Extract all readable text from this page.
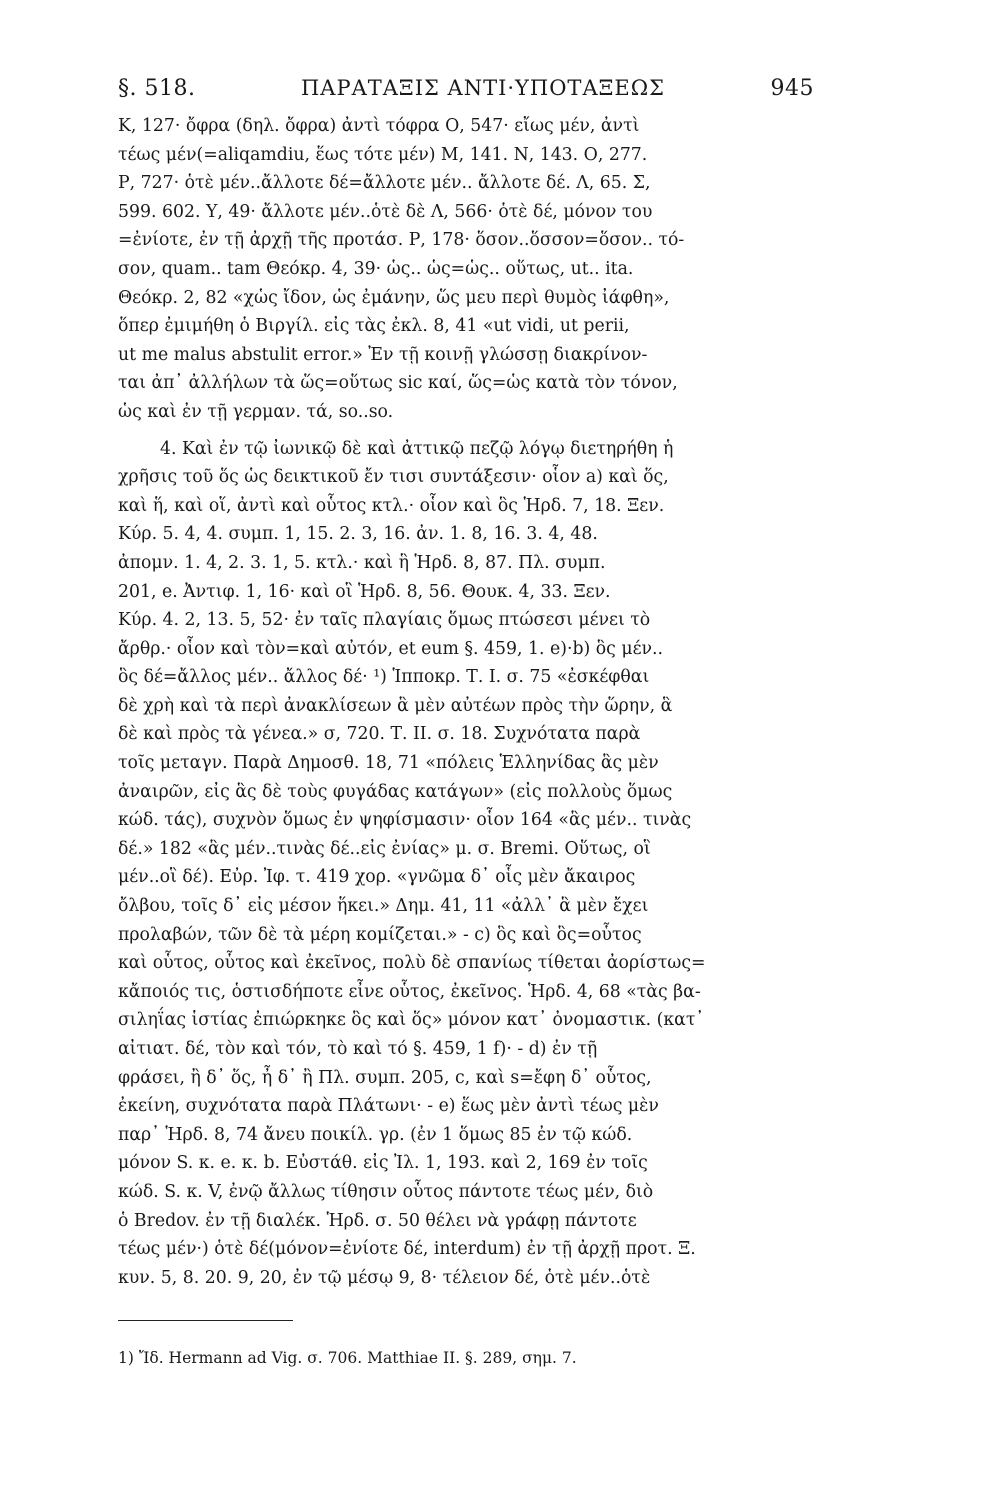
§. 518.	ΠΑΡΑΤΑΞΙΣ ΑΝΤΙ·ΥΠΟΤΑΞΕΩΣ	945
Κ, 127· ὄφρα (δηλ. ὄφρα) ἀντὶ τόφρα Ο, 547· εἴως μέν, ἀντὶ
τέως μέν(=aliqamdiu, ἕως τότε μέν) Μ, 141. Ν, 143. Ο, 277.
Ρ, 727· ὁτὲ μέν..ἄλλοτε δέ=ἄλλοτε μέν.. ἄλλοτε δέ. Λ, 65. Σ,
599. 602. Υ, 49· ἄλλοτε μέν..ὁτὲ δὲ Λ, 566· ὁτὲ δέ, μόνον του
=ἐνίοτε, ἐν τῇ ἀρχῇ τῆς προτάσ. Ρ, 178· ὅσον..ὅσσον=ὅσον.. τό-
σον, quam.. tam Θεόκρ. 4, 39· ὡς.. ὡς=ὡς.. οὕτως, ut.. ita.
Θεόκρ. 2, 82 «χὡς ἴδον, ὡς ἐμάνην, ὥς μευ περὶ θυμὸς ἰάφθη»,
ὅπερ ἐμιμήθη ὁ Βιργίλ. εἰς τὰς ἐκλ. 8, 41 «ut vidi, ut perii,
ut me malus abstulit error.» Ἐν τῇ κοινῇ γλώσσῃ διακρίνον-
ται ἀπ᾽ ἀλλήλων τὰ ὥς=οὕτως sic καί, ὥς=ὡς κατὰ τὸν τόνον,
ὡς καὶ ἐν τῇ γερμαν. τά, so..so.
4. Καὶ ἐν τῷ ἰωνικῷ δὲ καὶ ἀττικῷ πεζῷ λόγῳ διετηρήθη ἡ
χρῆσις τοῦ ὅς ὡς δεικτικοῦ ἔν τισι συντάξεσιν· οἷον a) καὶ ὅς,
καὶ ἥ, καὶ οἵ, ἀντὶ καὶ οὗτος κτλ.· οἷον καὶ ὃς Ἡρδ. 7, 18. Ξεν.
Κύρ. 5. 4, 4. συμπ. 1, 15. 2. 3, 16. ἀν. 1. 8, 16. 3. 4, 48.
ἀπομν. 1. 4, 2. 3. 1, 5. κτλ.· καὶ ἣ Ἡρδ. 8, 87. Πλ. συμπ.
201, e. Ἀντιφ. 1, 16· καὶ οἳ Ἡρδ. 8, 56. Θουκ. 4, 33. Ξεν.
Κύρ. 4. 2, 13. 5, 52· ἐν ταῖς πλαγίαις ὅμως πτώσεσι μένει τὸ
ἄρθρ.· οἷον καὶ τὸν=καὶ αὐτόν, et eum §. 459, 1. e)·b) ὃς μέν..
ὃς δέ=ἄλλος μέν.. ἄλλος δέ· ¹) Ἱπποκρ. Τ. Ι. σ. 75 «ἐσκέφθαι
δὲ χρὴ καὶ τὰ περὶ ἀνακλίσεων ἃ μὲν αὐτέων πρὸς τὴν ὥρην, ἃ
δὲ καὶ πρὸς τὰ γένεα.» σ, 720. Τ. ΙΙ. σ. 18. Συχνότατα παρὰ
τοῖς μεταγν. Παρὰ Δημοσθ. 18, 71 «πόλεις Ἑλληνίδας ἃς μὲν
ἀναιρῶν, εἰς ἃς δὲ τοὺς φυγάδας κατάγων» (εἰς πολλοὺς ὅμως
κώδ. τάς), συχνὸν ὅμως ἐν ψηφίσμασιν· οἷον 164 «ἃς μέν.. τινὰς
δέ.» 182 «ἃς μέν..τινὰς δέ..εἰς ἐνίας» μ. σ. Bremi. Οὕτως, οἳ
μέν..οἳ δέ). Εὐρ. Ἰφ. τ. 419 χορ. «γνῶμα δ᾽ οἷς μὲν ἄκαιρος
ὄλβου, τοῖς δ᾽ εἰς μέσον ἥκει.» Δημ. 41, 11 «ἀλλ᾽ ἃ μὲν ἔχει
προλαβών, τῶν δὲ τὰ μέρη κομίζεται.» - c) ὃς καὶ ὃς=οὗτος
καὶ οὗτος, οὗτος καὶ ἐκεῖνος, πολὺ δὲ σπανίως τίθεται ἀορίστως=
κἄποιός τις, ὁστισδήποτε εἶνε οὗτος, ἐκεῖνος. Ἡρδ. 4, 68 «τὰς βα-
σιληΐας ἱστίας ἐπιώρκηκε ὃς καὶ ὅς» μόνον κατ᾽ ὀνομαστικ. (κατ᾽
αἰτιατ. δέ, τὸν καὶ τόν, τὸ καὶ τό §. 459, 1 f)· - d) ἐν τῇ
φράσει, ἢ δ᾽ ὅς, ἦ δ᾽ ἢ Πλ. συμπ. 205, c, καὶ s=ἔφη δ᾽ οὗτος,
ἐκείνη, συχνότατα παρὰ Πλάτωνι· - e) ἕως μὲν ἀντὶ τέως μὲν
παρ᾽ Ἡρδ. 8, 74 ἄνευ ποικίλ. γρ. (ἐν 1 ὅμως 85 ἐν τῷ κώδ.
μόνον S. κ. e. κ. b. Εὐστάθ. εἰς Ἰλ. 1, 193. καὶ 2, 169 ἐν τοῖς
κώδ. S. κ. V, ἐνῷ ἄλλως τίθησιν οὗτος πάντοτε τέως μέν, διὸ
ὁ Bredov. ἐν τῇ διαλέκ. Ἡρδ. σ. 50 θέλει νὰ γράφῃ πάντοτε
τέως μέν·) ὁτὲ δέ(μόνον=ἐνίοτε δέ, interdum) ἐν τῇ ἀρχῇ προτ. Ξ.
κυν. 5, 8. 20. 9, 20, ἐν τῷ μέσῳ 9, 8· τέλειον δέ, ὁτὲ μέν..ὁτὲ
1) Ἴδ. Hermann ad Vig. σ. 706. Matthiae II. §. 289, σημ. 7.
